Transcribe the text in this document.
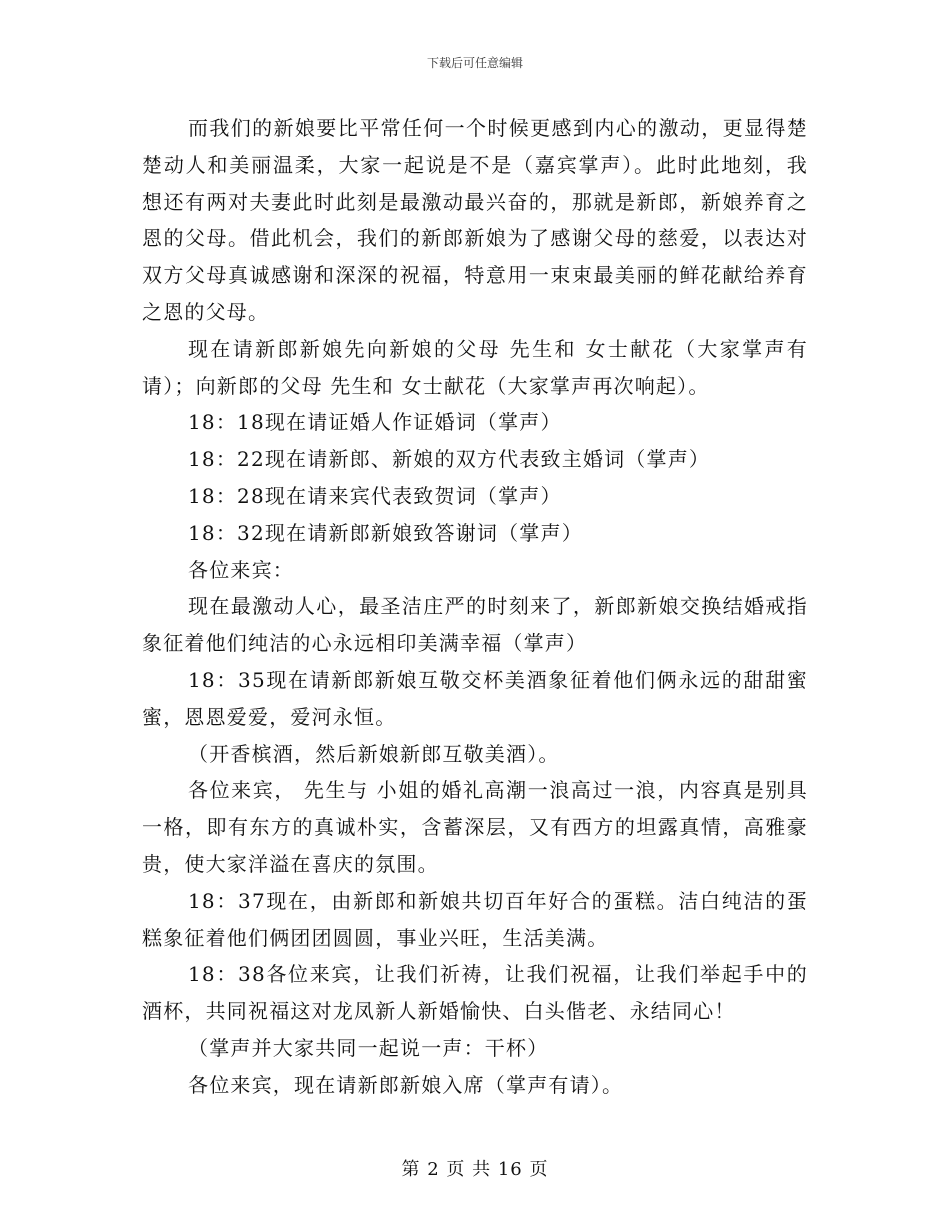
下载后可任意编辑

而我们的新娘要比平常任何一个时候更感到内心的激动，更显得楚楚动人和美丽温柔，大家一起说是不是（嘉宾掌声）。此时此地刻，我想还有两对夫妻此时此刻是最激动最兴奋的，那就是新郎，新娘养育之恩的父母。借此机会，我们的新郎新娘为了感谢父母的慈爱，以表达对双方父母真诚感谢和深深的祝福，特意用一束束最美丽的鲜花献给养育之恩的父母。

现在请新郎新娘先向新娘的父母 先生和 女士献花（大家掌声有请）；向新郎的父母 先生和 女士献花（大家掌声再次响起）。

18：18现在请证婚人作证婚词（掌声）

18：22现在请新郎、新娘的双方代表致主婚词（掌声）

18：28现在请来宾代表致贺词（掌声）

18：32现在请新郎新娘致答谢词（掌声）

各位来宾：

现在最激动人心，最圣洁庄严的时刻来了，新郎新娘交换结婚戒指象征着他们纯洁的心永远相印美满幸福（掌声）

18：35现在请新郎新娘互敬交杯美酒象征着他们俩永远的甜甜蜜蜜，恩恩爱爱，爱河永恒。

（开香槟酒，然后新娘新郎互敬美酒）。

各位来宾， 先生与 小姐的婚礼高潮一浪高过一浪，内容真是别具一格，即有东方的真诚朴实，含蓄深层，又有西方的坦露真情，高雅豪贵，使大家洋溢在喜庆的氛围。

18：37现在，由新郎和新娘共切百年好合的蛋糕。洁白纯洁的蛋糕象征着他们俩团团圆圆，事业兴旺，生活美满。

18：38各位来宾，让我们祈祷，让我们祝福，让我们举起手中的酒杯，共同祝福这对龙凤新人新婚愉快、白头偕老、永结同心！

（掌声并大家共同一起说一声：干杯）

各位来宾，现在请新郎新娘入席（掌声有请）。

第 2 页 共 16 页
